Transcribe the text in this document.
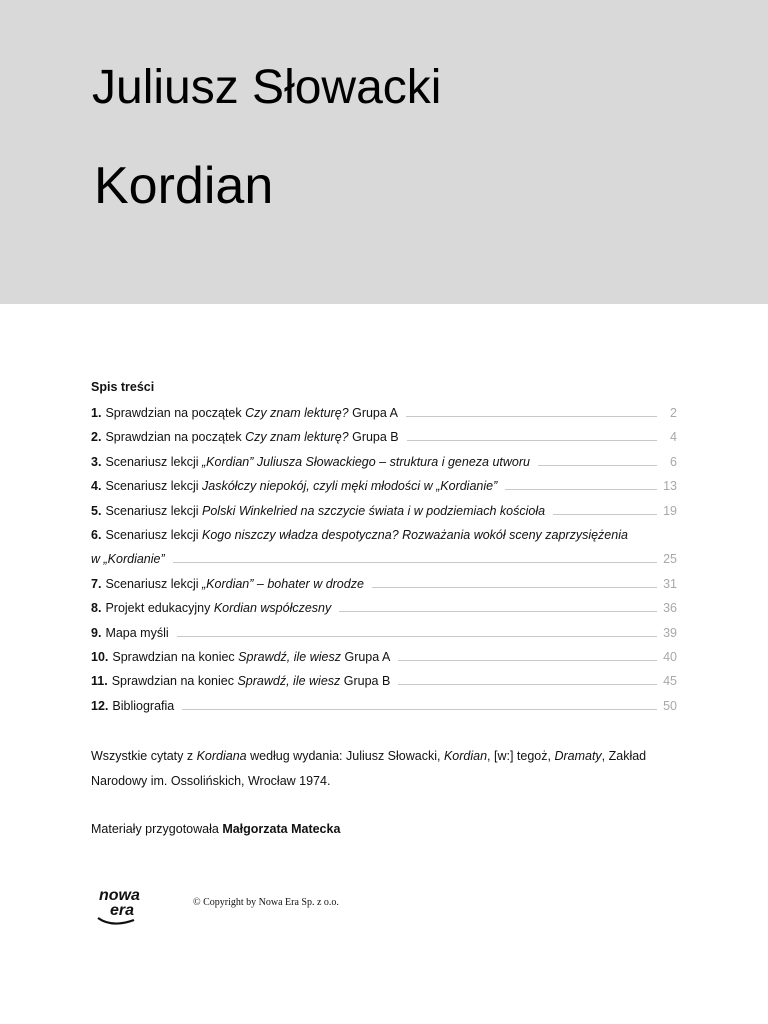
Juliusz Słowacki
Kordian
Spis treści
1. Sprawdzian na początek Czy znam lekturę? Grupa A	2
2. Sprawdzian na początek Czy znam lekturę? Grupa B	4
3. Scenariusz lekcji „Kordian” Juliusza Słowackiego – struktura i geneza utworu	6
4. Scenariusz lekcji Jaskółczy niepokój, czyli męki młodości w „Kordianie”	13
5. Scenariusz lekcji Polski Winkelried na szczycie świata i w podziemiach kościoła	19
6. Scenariusz lekcji Kogo niszczy władza despotyczna? Rozważania wokół sceny zaprzysiężenia
w „Kordianie”	25
7. Scenariusz lekcji „Kordian” – bohater w drodze	31
8. Projekt edukacyjny Kordian współczesny	36
9. Mapa myśli	39
10. Sprawdzian na koniec Sprawdź, ile wiesz Grupa A	40
11. Sprawdzian na koniec Sprawdź, ile wiesz Grupa B	45
12. Bibliografia	50
Wszystkie cytaty z Kordiana według wydania: Juliusz Słowacki, Kordian, [w:] tegoż, Dramaty, Zakład Narodowy im. Ossolińskich, Wrocław 1974.
Materiały przygotowała Małgorzata Matecka
nowa
era	© Copyright by Nowa Era Sp. z o.o.
